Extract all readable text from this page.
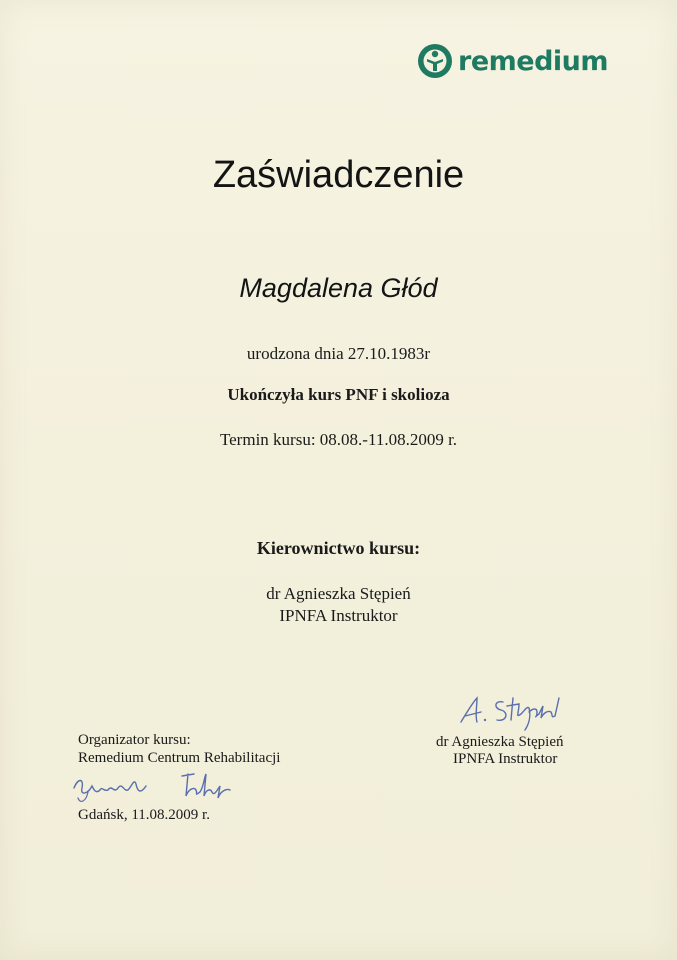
remedium
Zaświadczenie
Magdalena Głód
urodzona dnia 27.10.1983r
Ukończyła kurs PNF i skolioza
Termin kursu: 08.08.-11.08.2009 r.
Kierownictwo kursu:
dr Agnieszka Stępień
IPNFA Instruktor
Organizator kursu:
Remedium Centrum Rehabilitacji
Gdańsk, 11.08.2009 r.
dr Agnieszka Stępień
IPNFA Instruktor
